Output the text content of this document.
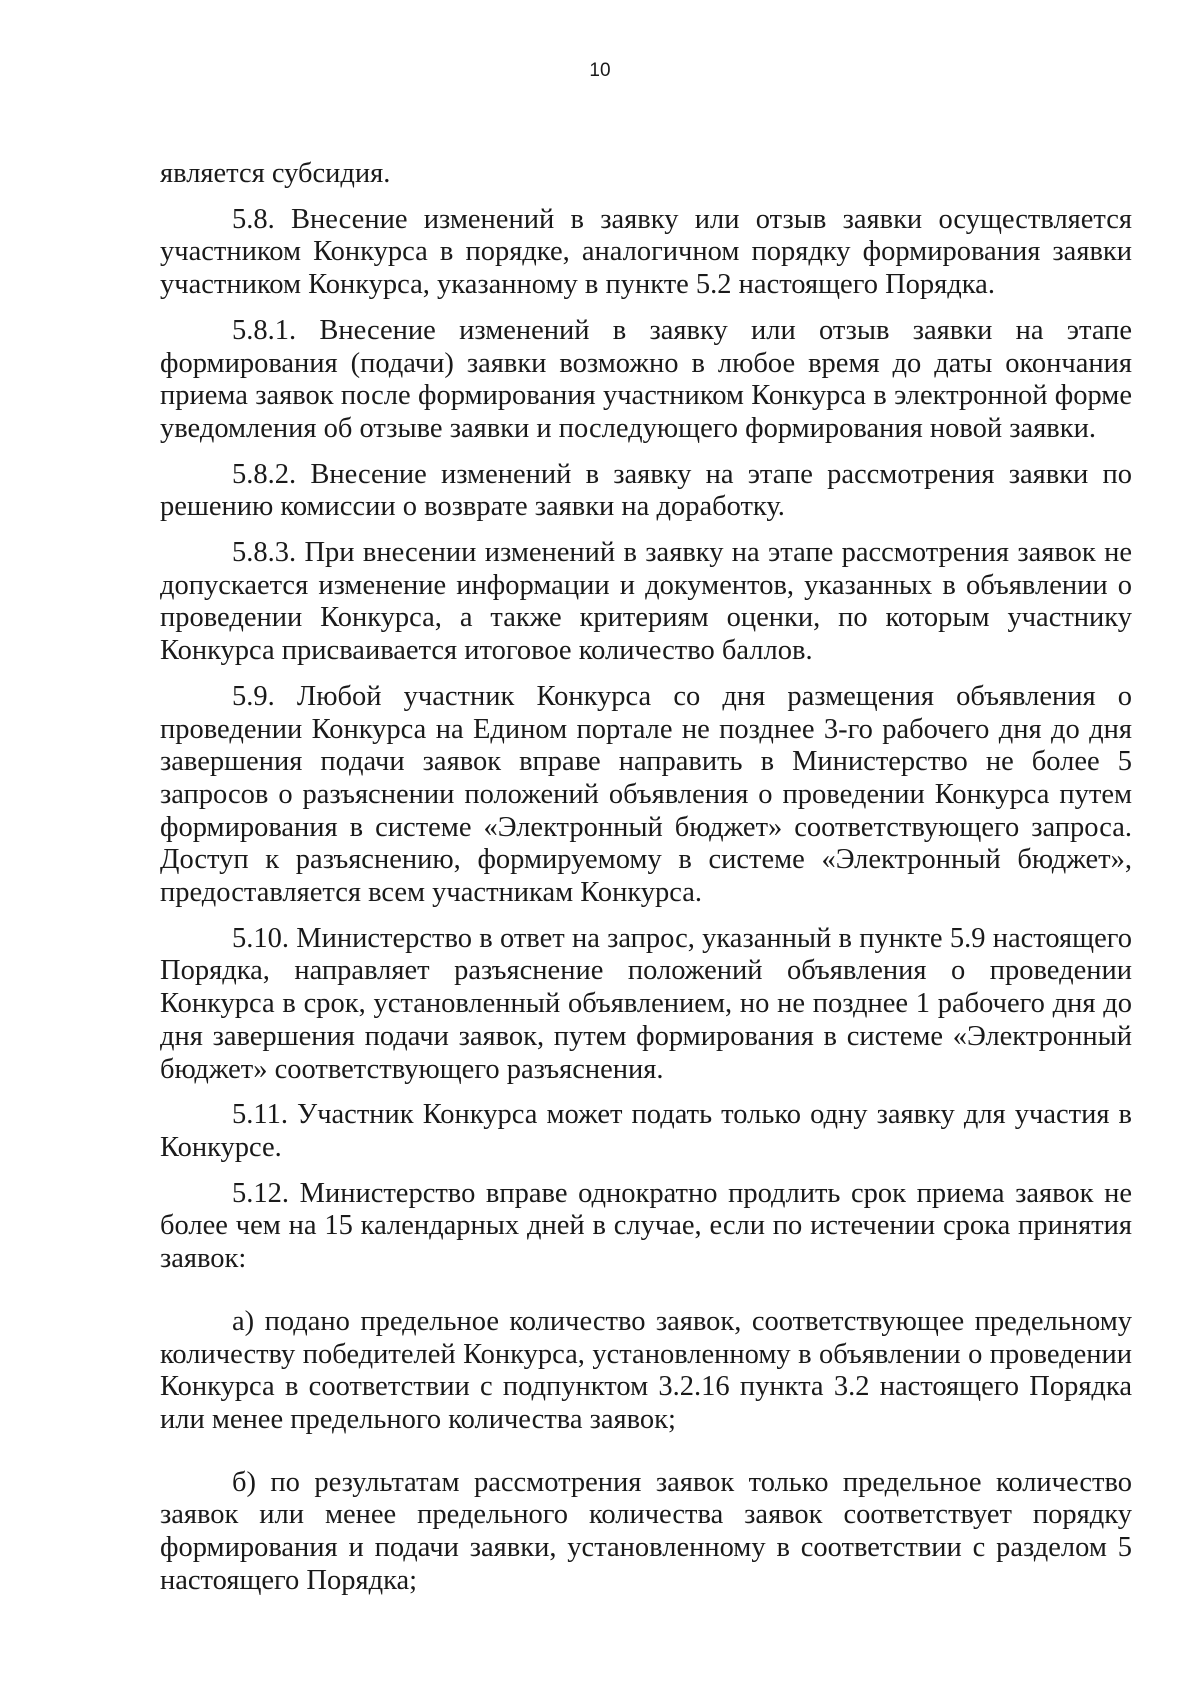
10

является субсидия.

5.8. Внесение изменений в заявку или отзыв заявки осуществляется участником Конкурса в порядке, аналогичном порядку формирования заявки участником Конкурса, указанному в пункте 5.2 настоящего Порядка.

5.8.1. Внесение изменений в заявку или отзыв заявки на этапе формирования (подачи) заявки возможно в любое время до даты окончания приема заявок после формирования участником Конкурса в электронной форме уведомления об отзыве заявки и последующего формирования новой заявки.

5.8.2. Внесение изменений в заявку на этапе рассмотрения заявки по решению комиссии о возврате заявки на доработку.

5.8.3. При внесении изменений в заявку на этапе рассмотрения заявок не допускается изменение информации и документов, указанных в объявлении о проведении Конкурса, а также критериям оценки, по которым участнику Конкурса присваивается итоговое количество баллов.

5.9. Любой участник Конкурса со дня размещения объявления о проведении Конкурса на Едином портале не позднее 3-го рабочего дня до дня завершения подачи заявок вправе направить в Министерство не более 5 запросов о разъяснении положений объявления о проведении Конкурса путем формирования в системе «Электронный бюджет» соответствующего запроса. Доступ к разъяснению, формируемому в системе «Электронный бюджет», предоставляется всем участникам Конкурса.

5.10. Министерство в ответ на запрос, указанный в пункте 5.9 настоящего Порядка, направляет разъяснение положений объявления о проведении Конкурса в срок, установленный объявлением, но не позднее 1 рабочего дня до дня завершения подачи заявок, путем формирования в системе «Электронный бюджет» соответствующего разъяснения.

5.11. Участник Конкурса может подать только одну заявку для участия в Конкурсе.

5.12. Министерство вправе однократно продлить срок приема заявок не более чем на 15 календарных дней в случае, если по истечении срока принятия заявок:

а) подано предельное количество заявок, соответствующее предельному количеству победителей Конкурса, установленному в объявлении о проведении Конкурса в соответствии с подпунктом 3.2.16 пункта 3.2 настоящего Порядка или менее предельного количества заявок;

б) по результатам рассмотрения заявок только предельное количество заявок или менее предельного количества заявок соответствует порядку формирования и подачи заявки, установленному в соответствии с разделом 5 настоящего Порядка;
